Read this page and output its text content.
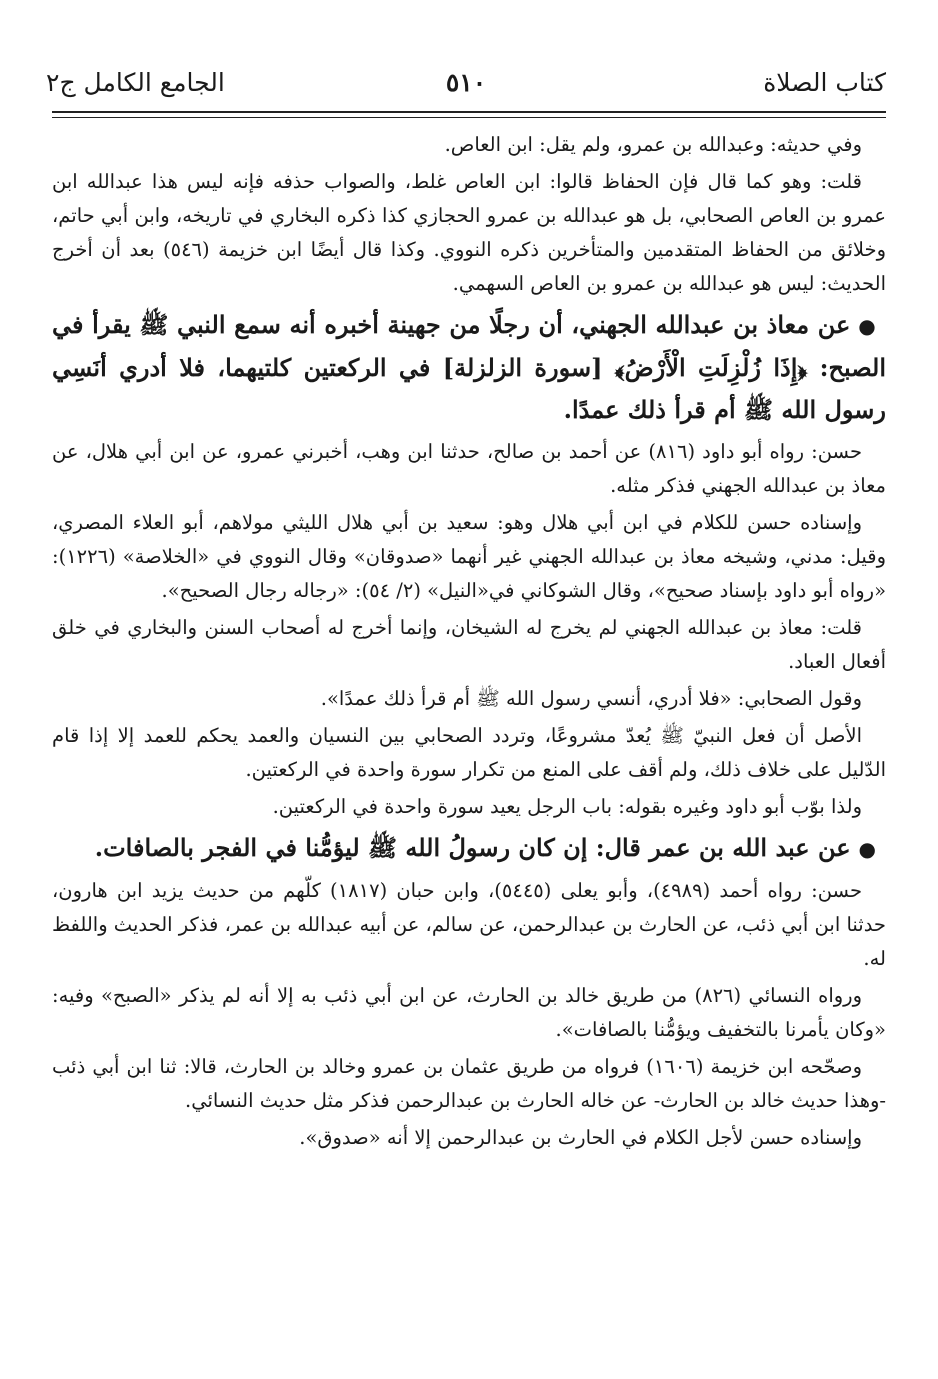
كتاب الصلاة
٥١٠
الجامع الكامل ج٢

وفي حديثه: وعبدالله بن عمرو، ولم يقل: ابن العاص.

قلت: وهو كما قال فإن الحفاظ قالوا: ابن العاص غلط، والصواب حذفه فإنه ليس هذا عبدالله ابن عمرو بن العاص الصحابي، بل هو عبدالله بن عمرو الحجازي كذا ذكره البخاري في تاريخه، وابن أبي حاتم، وخلائق من الحفاظ المتقدمين والمتأخرين ذكره النووي. وكذا قال أيضًا ابن خزيمة (٥٤٦) بعد أن أخرج الحديث: ليس هو عبدالله بن عمرو بن العاص السهمي.

●عن معاذ بن عبدالله الجهني، أن رجلًا من جهينة أخبره أنه سمع النبي ﷺ يقرأ في الصبح: ﴿إِذَا زُلْزِلَتِ الْأَرْضُ﴾ [سورة الزلزلة] في الركعتين كلتيهما، فلا أدري أنَسِي رسول الله ﷺ أم قرأ ذلك عمدًا.

حسن: رواه أبو داود (٨١٦) عن أحمد بن صالح، حدثنا ابن وهب، أخبرني عمرو، عن ابن أبي هلال، عن معاذ بن عبدالله الجهني فذكر مثله.

وإسناده حسن للكلام في ابن أبي هلال وهو: سعيد بن أبي هلال الليثي مولاهم، أبو العلاء المصري، وقيل: مدني، وشيخه معاذ بن عبدالله الجهني غير أنهما «صدوقان» وقال النووي في «الخلاصة» (١٢٢٦): «رواه أبو داود بإسناد صحيح»، وقال الشوكاني في«النيل» (٢/ ٥٤): «رجاله رجال الصحيح».

قلت: معاذ بن عبدالله الجهني لم يخرج له الشيخان، وإنما أخرج له أصحاب السنن والبخاري في خلق أفعال العباد.

وقول الصحابي: «فلا أدري، أنسي رسول الله ﷺ أم قرأ ذلك عمدًا».

الأصل أن فعل النبيّ ﷺ يُعدّ مشروعًا، وتردد الصحابي بين النسيان والعمد يحكم للعمد إلا إذا قام الدّليل على خلاف ذلك، ولم أقف على المنع من تكرار سورة واحدة في الركعتين.

ولذا بوّب أبو داود وغيره بقوله: باب الرجل يعيد سورة واحدة في الركعتين.

●عن عبد الله بن عمر قال: إن كان رسولُ الله ﷺ ليؤمُّنا في الفجر بالصافات.

حسن: رواه أحمد (٤٩٨٩)، وأبو يعلى (٥٤٤٥)، وابن حبان (١٨١٧) كلّهم من حديث يزيد ابن هارون، حدثنا ابن أبي ذئب، عن الحارث بن عبدالرحمن، عن سالم، عن أبيه عبدالله بن عمر، فذكر الحديث واللفظ له.

ورواه النسائي (٨٢٦) من طريق خالد بن الحارث، عن ابن أبي ذئب به إلا أنه لم يذكر «الصبح» وفيه: «وكان يأمرنا بالتخفيف ويؤمُّنا بالصافات».

وصحّحه ابن خزيمة (١٦٠٦) فرواه من طريق عثمان بن عمرو وخالد بن الحارث، قالا: ثنا ابن أبي ذئب -وهذا حديث خالد بن الحارث- عن خاله الحارث بن عبدالرحمن فذكر مثل حديث النسائي.

وإسناده حسن لأجل الكلام في الحارث بن عبدالرحمن إلا أنه «صدوق».
